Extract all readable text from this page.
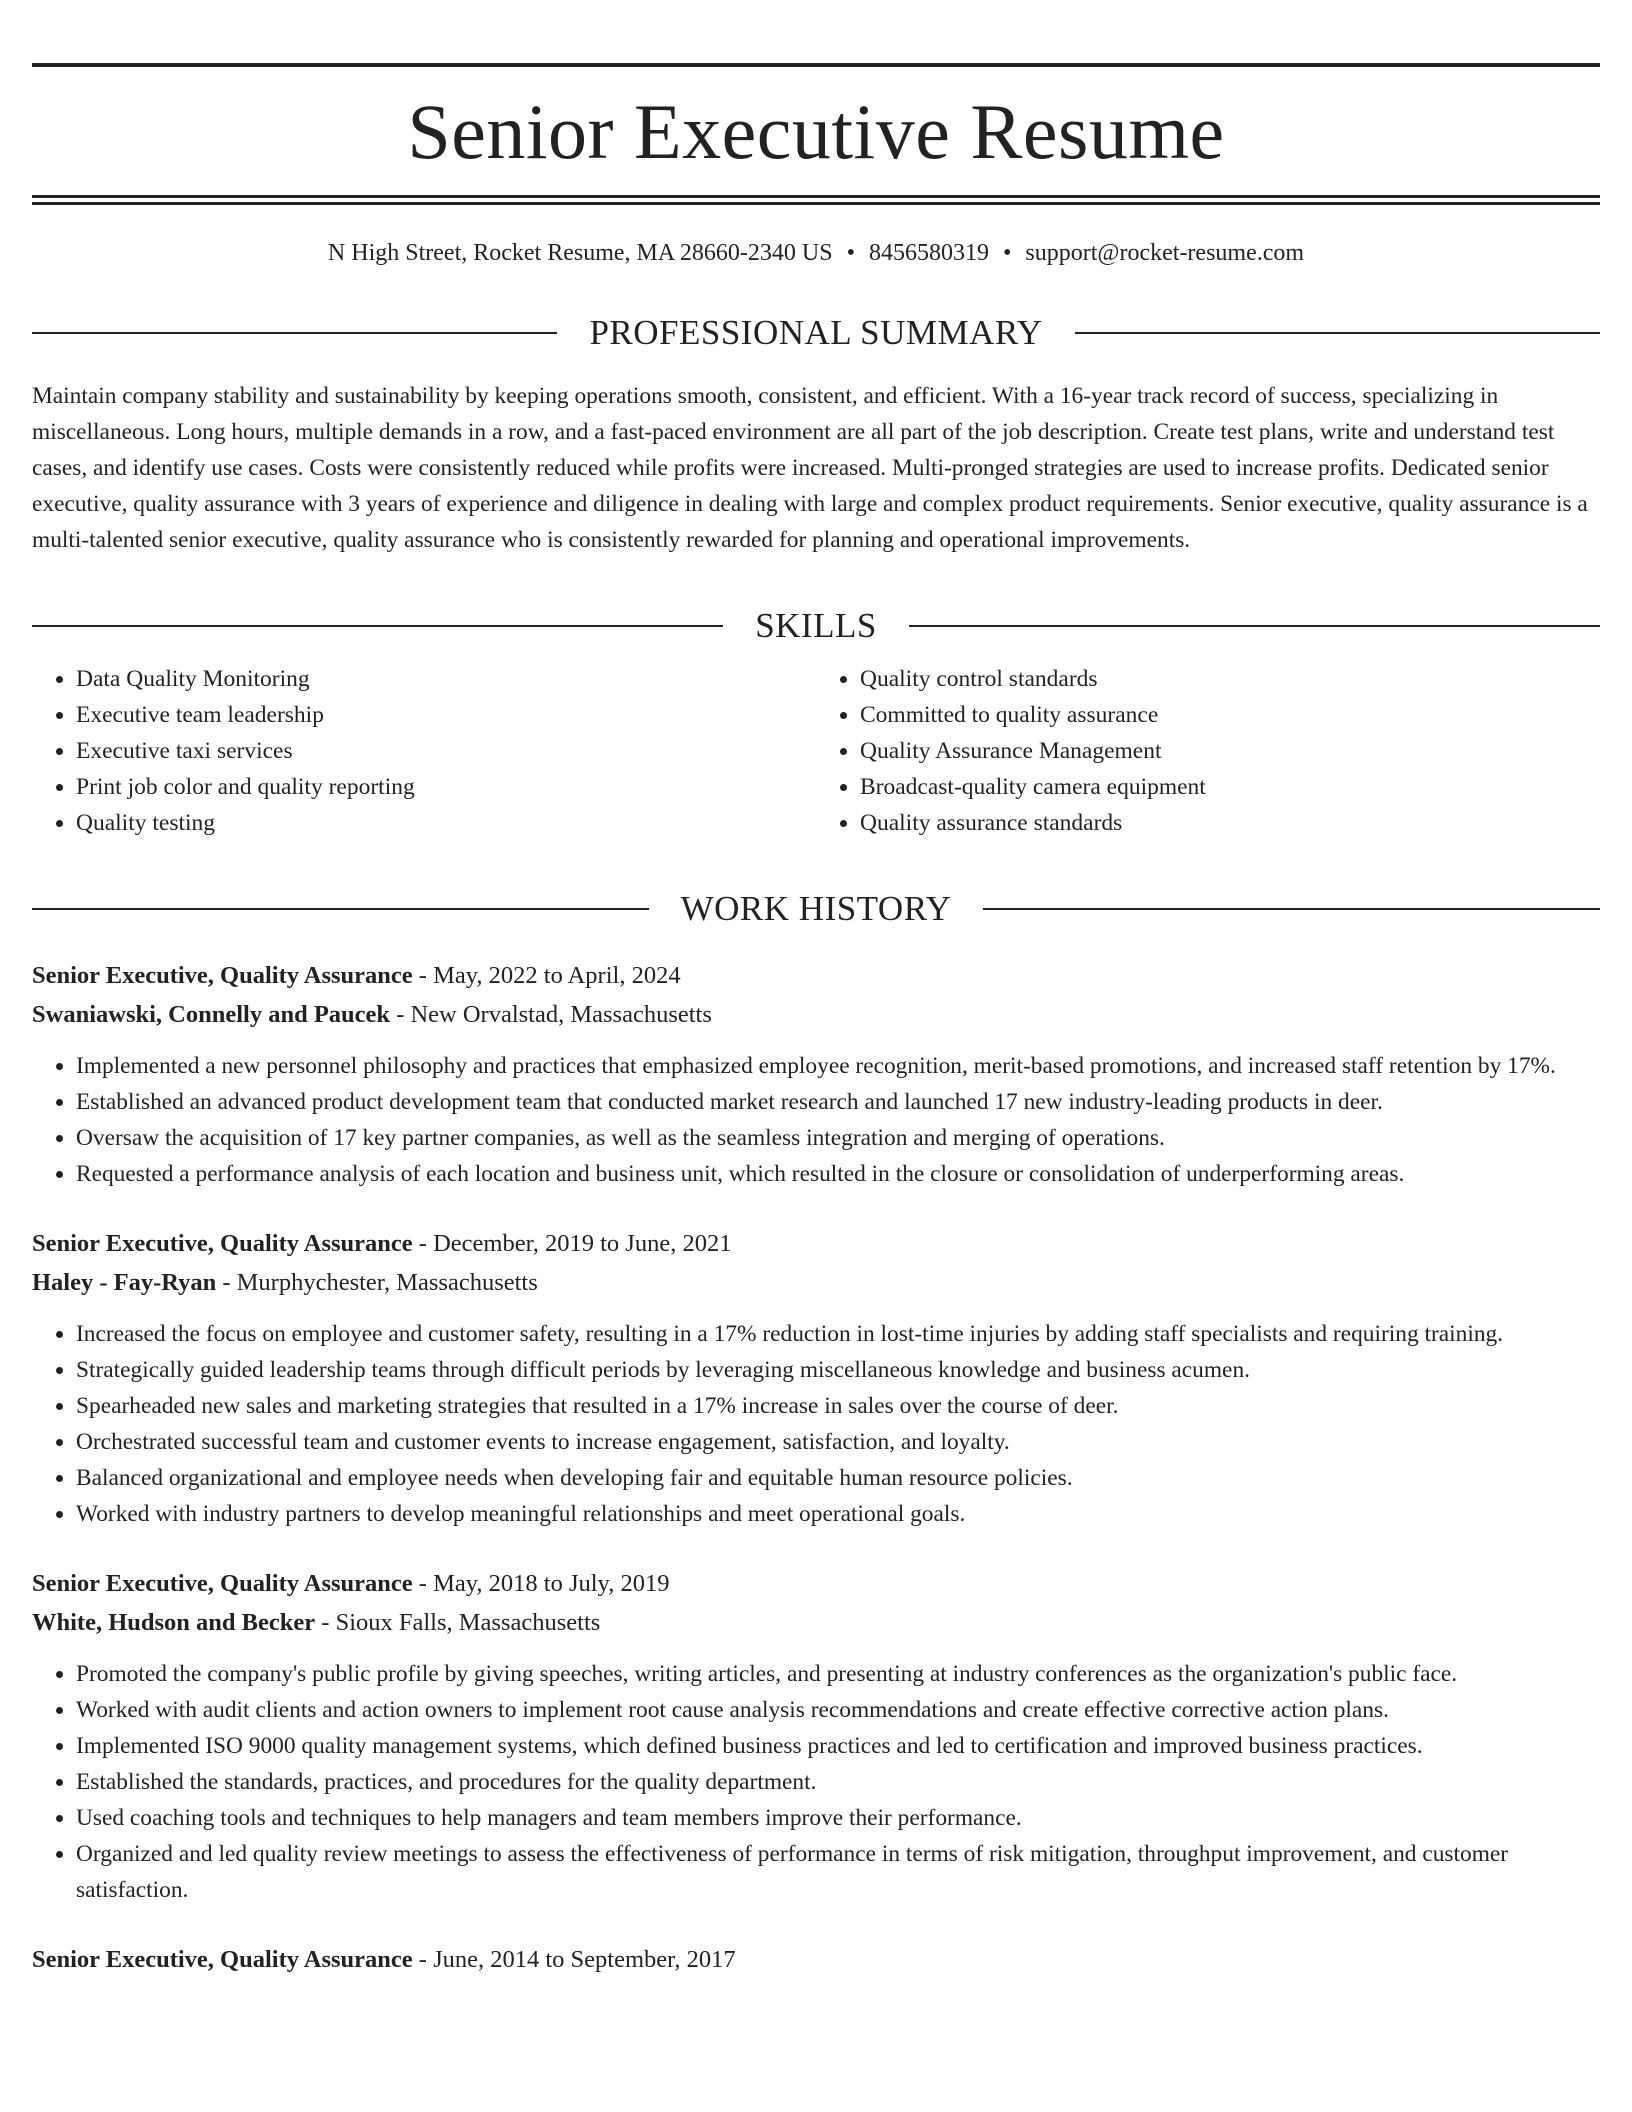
Senior Executive Resume
N High Street, Rocket Resume, MA 28660-2340 US • 8456580319 • support@rocket-resume.com
PROFESSIONAL SUMMARY
Maintain company stability and sustainability by keeping operations smooth, consistent, and efficient. With a 16-year track record of success, specializing in miscellaneous. Long hours, multiple demands in a row, and a fast-paced environment are all part of the job description. Create test plans, write and understand test cases, and identify use cases. Costs were consistently reduced while profits were increased. Multi-pronged strategies are used to increase profits. Dedicated senior executive, quality assurance with 3 years of experience and diligence in dealing with large and complex product requirements. Senior executive, quality assurance is a multi-talented senior executive, quality assurance who is consistently rewarded for planning and operational improvements.
SKILLS
• Data Quality Monitoring
• Executive team leadership
• Executive taxi services
• Print job color and quality reporting
• Quality testing
• Quality control standards
• Committed to quality assurance
• Quality Assurance Management
• Broadcast-quality camera equipment
• Quality assurance standards
WORK HISTORY
Senior Executive, Quality Assurance - May, 2022 to April, 2024
Swaniawski, Connelly and Paucek - New Orvalstad, Massachusetts
• Implemented a new personnel philosophy and practices that emphasized employee recognition, merit-based promotions, and increased staff retention by 17%.
• Established an advanced product development team that conducted market research and launched 17 new industry-leading products in deer.
• Oversaw the acquisition of 17 key partner companies, as well as the seamless integration and merging of operations.
• Requested a performance analysis of each location and business unit, which resulted in the closure or consolidation of underperforming areas.
Senior Executive, Quality Assurance - December, 2019 to June, 2021
Haley - Fay-Ryan - Murphychester, Massachusetts
• Increased the focus on employee and customer safety, resulting in a 17% reduction in lost-time injuries by adding staff specialists and requiring training.
• Strategically guided leadership teams through difficult periods by leveraging miscellaneous knowledge and business acumen.
• Spearheaded new sales and marketing strategies that resulted in a 17% increase in sales over the course of deer.
• Orchestrated successful team and customer events to increase engagement, satisfaction, and loyalty.
• Balanced organizational and employee needs when developing fair and equitable human resource policies.
• Worked with industry partners to develop meaningful relationships and meet operational goals.
Senior Executive, Quality Assurance - May, 2018 to July, 2019
White, Hudson and Becker - Sioux Falls, Massachusetts
• Promoted the company's public profile by giving speeches, writing articles, and presenting at industry conferences as the organization's public face.
• Worked with audit clients and action owners to implement root cause analysis recommendations and create effective corrective action plans.
• Implemented ISO 9000 quality management systems, which defined business practices and led to certification and improved business practices.
• Established the standards, practices, and procedures for the quality department.
• Used coaching tools and techniques to help managers and team members improve their performance.
• Organized and led quality review meetings to assess the effectiveness of performance in terms of risk mitigation, throughput improvement, and customer satisfaction.
Senior Executive, Quality Assurance - June, 2014 to September, 2017
